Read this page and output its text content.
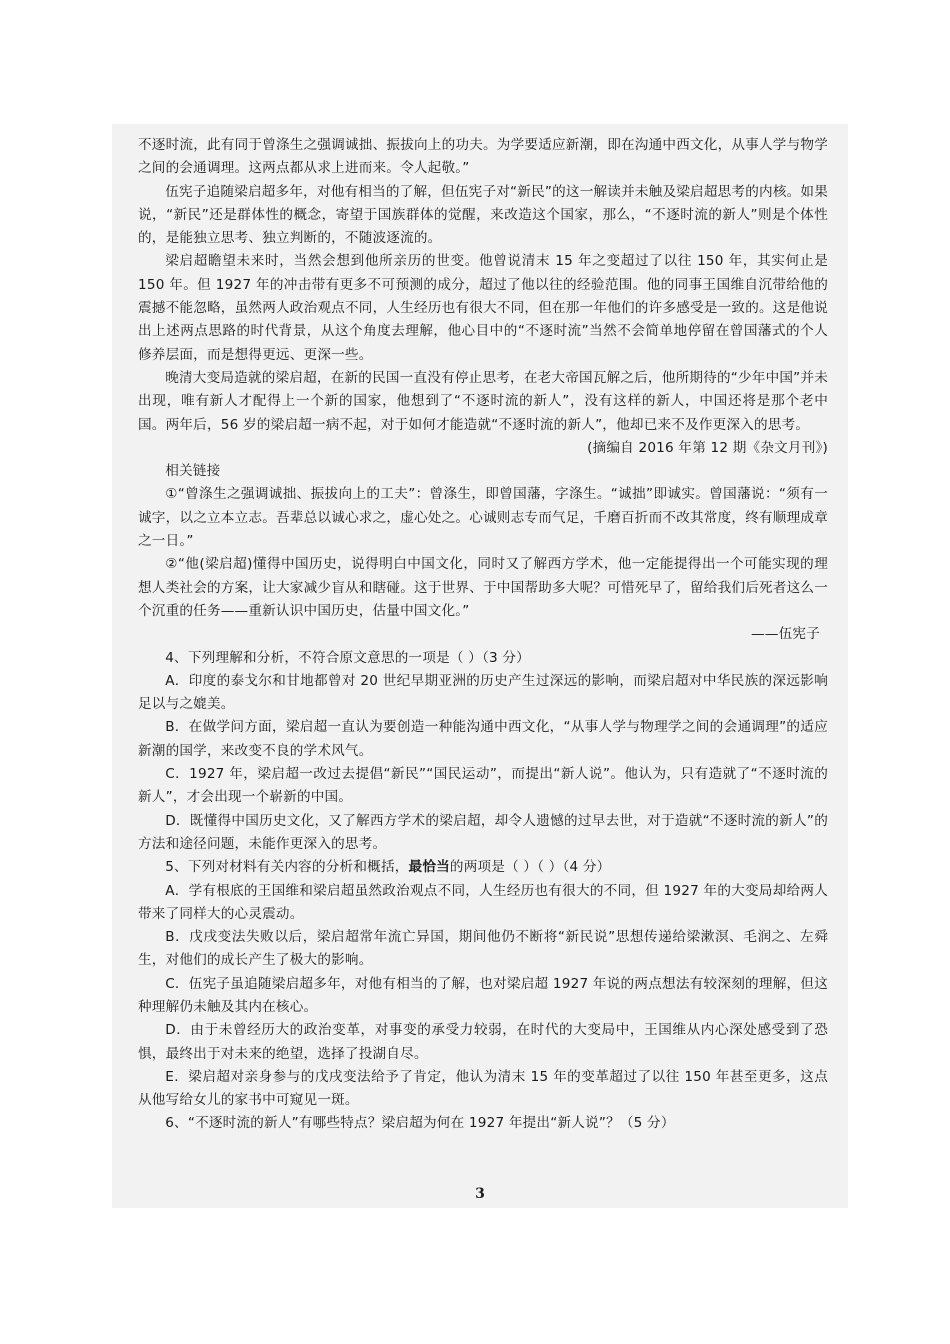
不逐时流，此有同于曾涤生之强调诚拙、振拔向上的功夫。为学要适应新潮，即在沟通中西文化，从事人学与物学之间的会通调理。这两点都从求上进而来。令人起敬。”

伍宪子追随梁启超多年，对他有相当的了解，但伍宪子对“新民”的这一解读并未触及梁启超思考的内核。如果说，“新民”还是群体性的概念，寄望于国族群体的觉醒，来改造这个国家，那么，“不逐时流的新人”则是个体性的，是能独立思考、独立判断的，不随波逐流的。

梁启超瞻望未来时，当然会想到他所亲历的世变。他曾说清末 15 年之变超过了以往 150 年，其实何止是 150 年。但 1927 年的冲击带有更多不可预测的成分，超过了他以往的经验范围。他的同事王国维自沉带给他的震撼不能忽略，虽然两人政治观点不同，人生经历也有很大不同，但在那一年他们的许多感受是一致的。这是他说出上述两点思路的时代背景，从这个角度去理解，他心目中的“不逐时流”当然不会简单地停留在曾国藩式的个人修养层面，而是想得更远、更深一些。

晚清大变局造就的梁启超，在新的民国一直没有停止思考，在老大帝国瓦解之后，他所期待的“少年中国”并未出现，唯有新人才配得上一个新的国家，他想到了“不逐时流的新人”，没有这样的新人，中国还将是那个老中国。两年后，56 岁的梁启超一病不起，对于如何才能造就“不逐时流的新人”，他却已来不及作更深入的思考。

(摘编自 2016 年第 12 期《杂文月刊》)

相关链接

①“曾涤生之强调诚拙、振拔向上的工夫”：曾涤生，即曾国藩，字涤生。“诚拙”即诚实。曾国藩说：“须有一诚字，以之立本立志。吾辈总以诚心求之，虚心处之。心诚则志专而气足，千磨百折而不改其常度，终有顺理成章之一日。”

②“他(梁启超)懂得中国历史，说得明白中国文化，同时又了解西方学术，他一定能提得出一个可能实现的理想人类社会的方案，让大家减少盲从和瞎碰。这于世界、于中国帮助多大呢？可惜死早了，留给我们后死者这么一个沉重的任务——重新认识中国历史，估量中国文化。”

——伍宪子

4、下列理解和分析，不符合原文意思的一项是（ ）（3 分）

A．印度的泰戈尔和甘地都曾对 20 世纪早期亚洲的历史产生过深远的影响，而梁启超对中华民族的深远影响足以与之媲美。

B．在做学问方面，梁启超一直认为要创造一种能沟通中西文化，“从事人学与物理学之间的会通调理”的适应新潮的国学，来改变不良的学术风气。

C．1927 年，梁启超一改过去提倡“新民”“国民运动”，而提出“新人说”。他认为，只有造就了“不逐时流的新人”，才会出现一个崭新的中国。

D．既懂得中国历史文化，又了解西方学术的梁启超，却令人遗憾的过早去世，对于造就“不逐时流的新人”的方法和途径问题，未能作更深入的思考。

5、下列对材料有关内容的分析和概括，最恰当的两项是（ ）（ ）（4 分）

A．学有根底的王国维和梁启超虽然政治观点不同，人生经历也有很大的不同，但 1927 年的大变局却给两人带来了同样大的心灵震动。

B．戊戌变法失败以后，梁启超常年流亡异国，期间他仍不断将“新民说”思想传递给梁漱溟、毛润之、左舜生，对他们的成长产生了极大的影响。

C．伍宪子虽追随梁启超多年，对他有相当的了解，也对梁启超 1927 年说的两点想法有较深刻的理解，但这种理解仍未触及其内在核心。

D．由于未曾经历大的政治变革，对事变的承受力较弱，在时代的大变局中，王国维从内心深处感受到了恐惧，最终出于对未来的绝望，选择了投湖自尽。

E．梁启超对亲身参与的戊戌变法给予了肯定，他认为清末 15 年的变革超过了以往 150 年甚至更多，这点从他写给女儿的家书中可窥见一斑。

6、“不逐时流的新人”有哪些特点？梁启超为何在 1927 年提出“新人说”？（5 分）

3
